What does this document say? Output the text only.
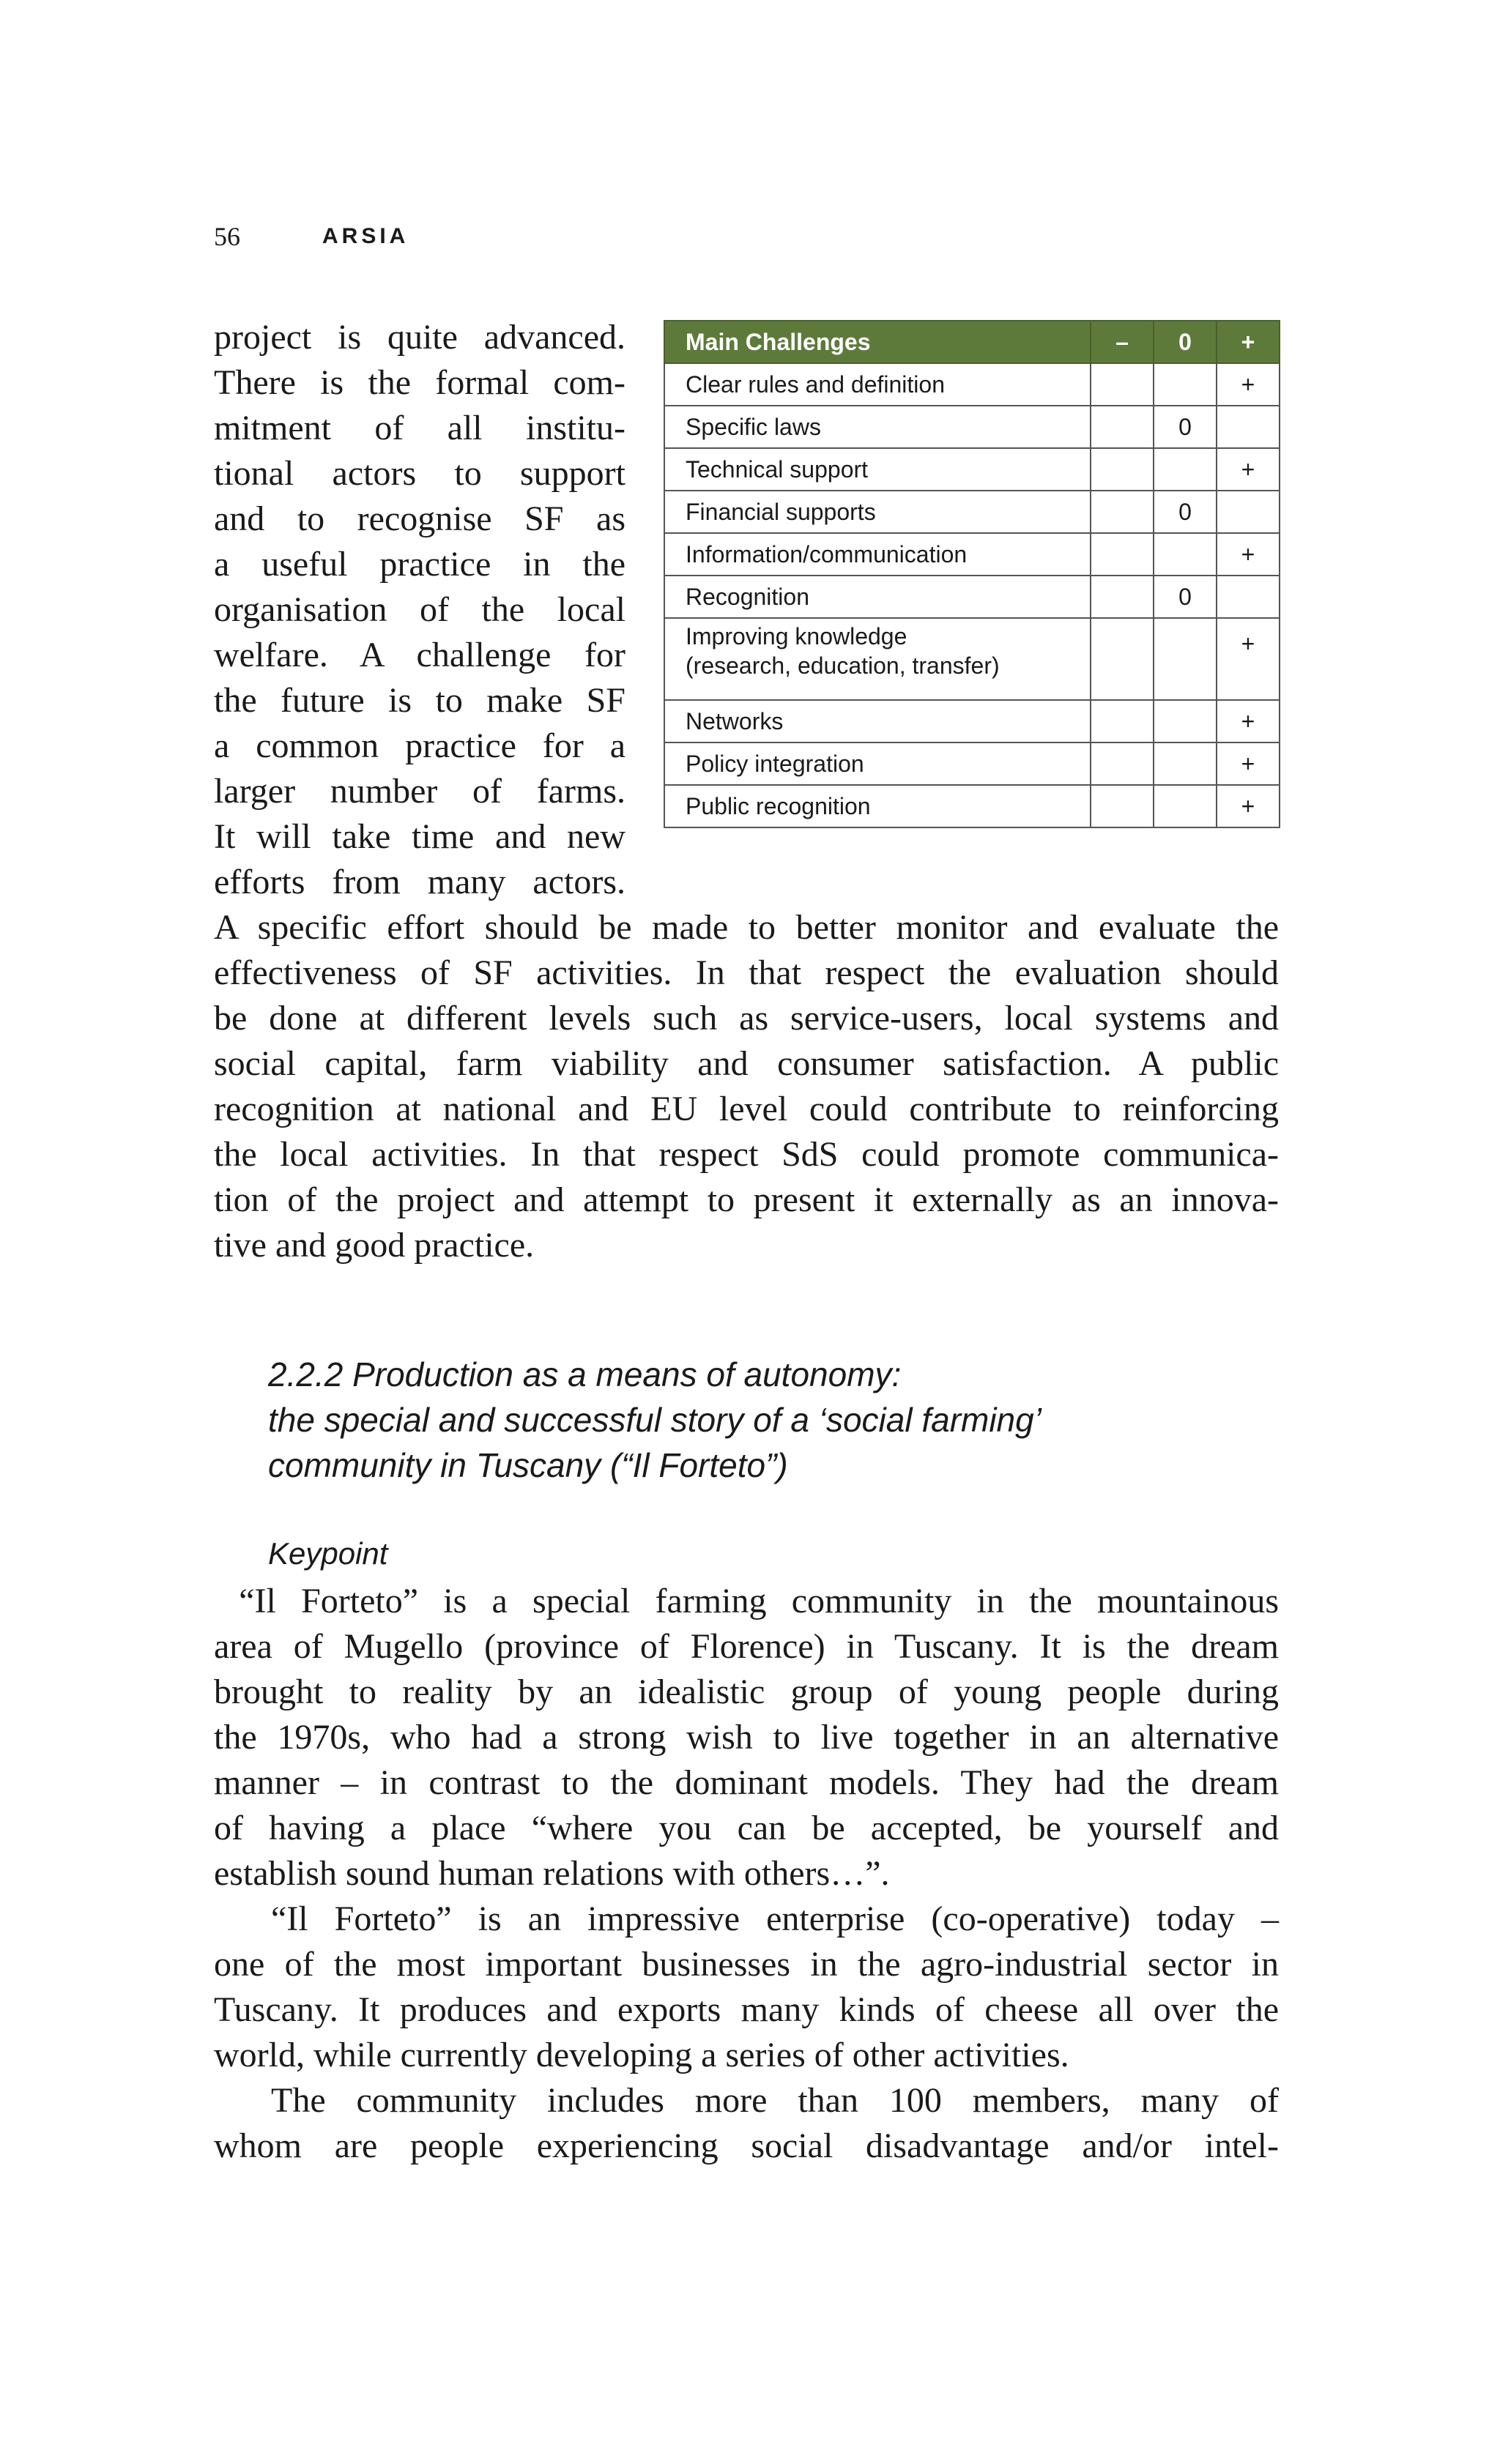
56	ARSIA

project is quite advanced.
There is the formal com-
mitment of all institu-
tional actors to support
and to recognise SF as
a useful practice in the
organisation of the local
welfare. A challenge for
the future is to make SF
a common practice for a
larger number of farms.
It will take time and new
efforts from many actors.

Main Challenges	–	0	+
Clear rules and definition			+
Specific laws		0	
Technical support			+
Financial supports		0	
Information/communication			+
Recognition		0	

Improving knowledge
(research, education, transfer)			+
Networks			+
Policy integration			+
Public recognition			+

A specific effort should be made to better monitor and evaluate the
effectiveness of SF activities. In that respect the evaluation should
be done at different levels such as service-users, local systems and
social capital, farm viability and consumer satisfaction. A public
recognition at national and EU level could contribute to reinforcing
the local activities. In that respect SdS could promote communica-
tion of the project and attempt to present it externally as an innova-
tive and good practice.

2.2.2 Production as a means of autonomy:
the special and successful story of a ‘social farming’
community in Tuscany (“Il Forteto”)
Keypoint

“Il Forteto” is a special farming community in the mountainous
area of Mugello (province of Florence) in Tuscany. It is the dream
brought to reality by an idealistic group of young people during
the 1970s, who had a strong wish to live together in an alternative
manner – in contrast to the dominant models. They had the dream
of having a place “where you can be accepted, be yourself and
establish sound human relations with others…”.

“Il Forteto” is an impressive enterprise (co-operative) today –
one of the most important businesses in the agro-industrial sector in
Tuscany. It produces and exports many kinds of cheese all over the
world, while currently developing a series of other activities.

The community includes more than 100 members, many of
whom are people experiencing social disadvantage and/or intel-
